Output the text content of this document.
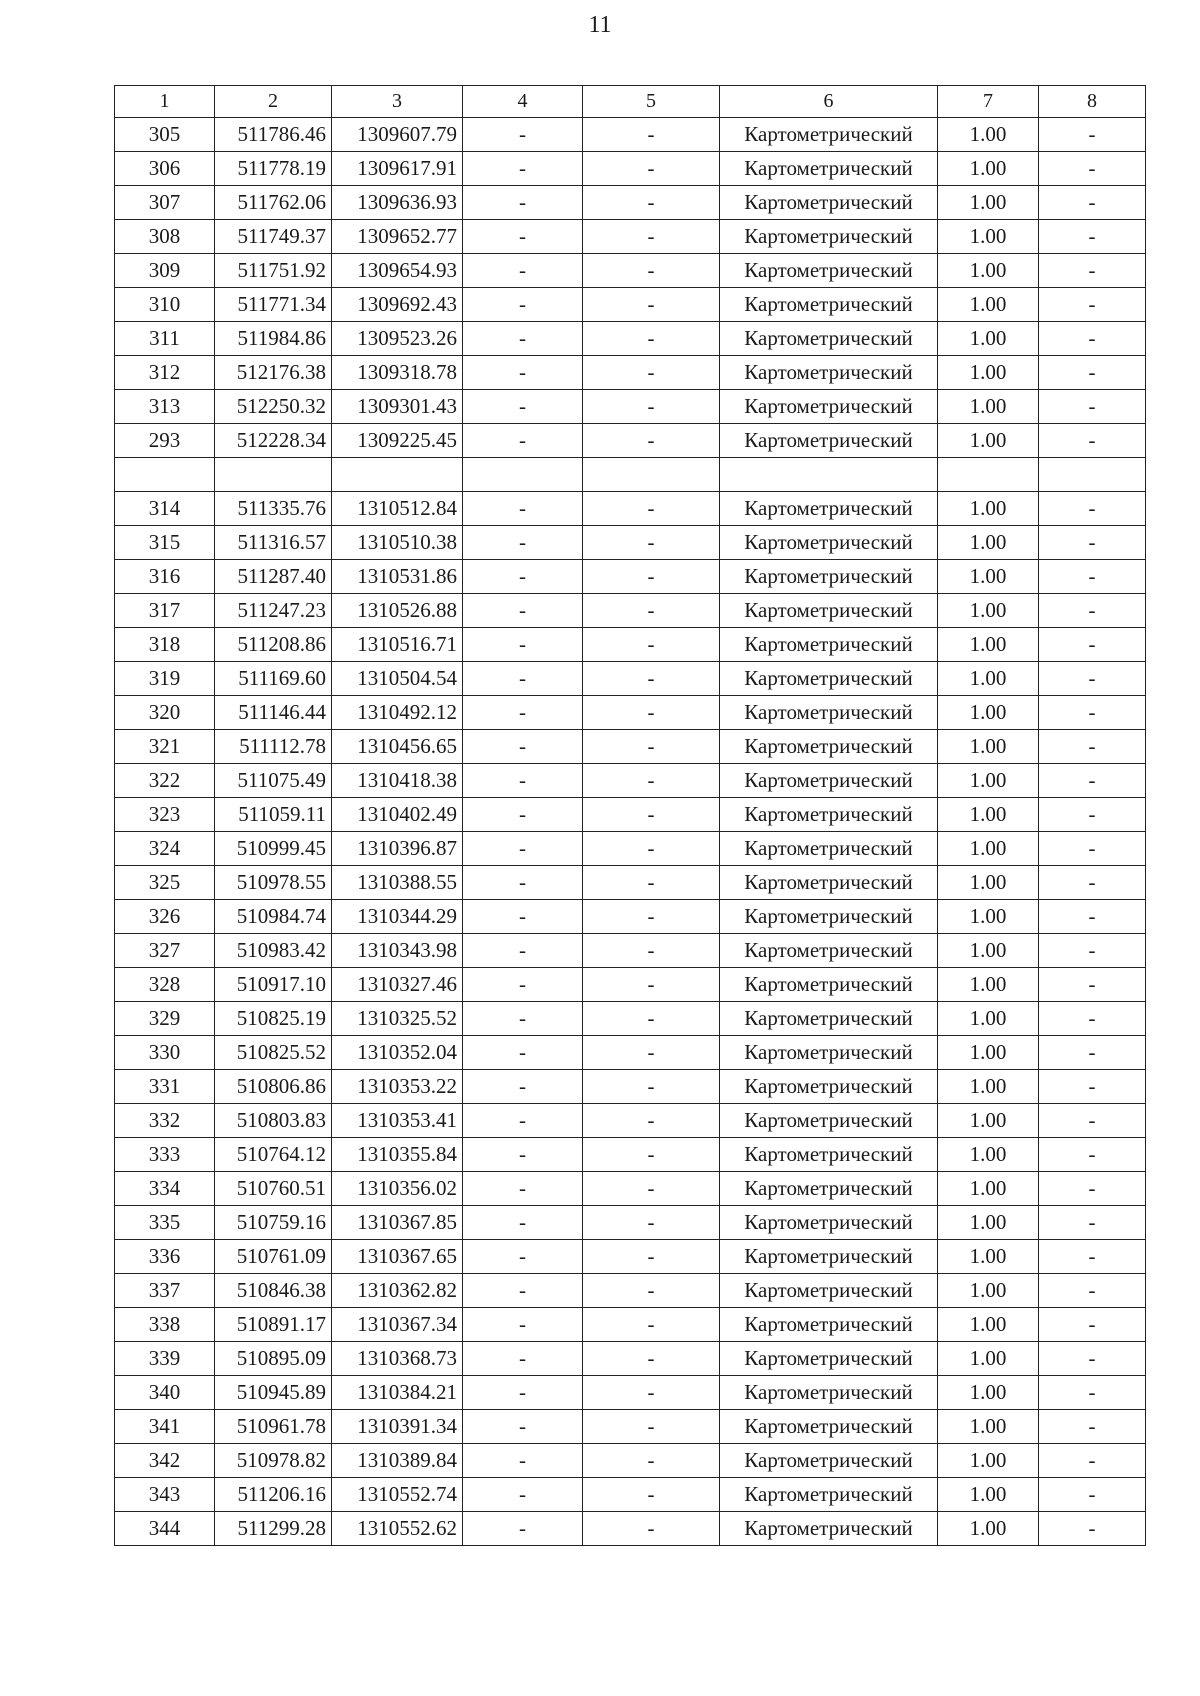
11
1	2	3	4	5	6	7	8
305	511786.46	1309607.79	-	-	Картометрический	1.00	-
306	511778.19	1309617.91	-	-	Картометрический	1.00	-
307	511762.06	1309636.93	-	-	Картометрический	1.00	-
308	511749.37	1309652.77	-	-	Картометрический	1.00	-
309	511751.92	1309654.93	-	-	Картометрический	1.00	-
310	511771.34	1309692.43	-	-	Картометрический	1.00	-
311	511984.86	1309523.26	-	-	Картометрический	1.00	-
312	512176.38	1309318.78	-	-	Картометрический	1.00	-
313	512250.32	1309301.43	-	-	Картометрический	1.00	-
293	512228.34	1309225.45	-	-	Картометрический	1.00	-

314	511335.76	1310512.84	-	-	Картометрический	1.00	-
315	511316.57	1310510.38	-	-	Картометрический	1.00	-
316	511287.40	1310531.86	-	-	Картометрический	1.00	-
317	511247.23	1310526.88	-	-	Картометрический	1.00	-
318	511208.86	1310516.71	-	-	Картометрический	1.00	-
319	511169.60	1310504.54	-	-	Картометрический	1.00	-
320	511146.44	1310492.12	-	-	Картометрический	1.00	-
321	511112.78	1310456.65	-	-	Картометрический	1.00	-
322	511075.49	1310418.38	-	-	Картометрический	1.00	-
323	511059.11	1310402.49	-	-	Картометрический	1.00	-
324	510999.45	1310396.87	-	-	Картометрический	1.00	-
325	510978.55	1310388.55	-	-	Картометрический	1.00	-
326	510984.74	1310344.29	-	-	Картометрический	1.00	-
327	510983.42	1310343.98	-	-	Картометрический	1.00	-
328	510917.10	1310327.46	-	-	Картометрический	1.00	-
329	510825.19	1310325.52	-	-	Картометрический	1.00	-
330	510825.52	1310352.04	-	-	Картометрический	1.00	-
331	510806.86	1310353.22	-	-	Картометрический	1.00	-
332	510803.83	1310353.41	-	-	Картометрический	1.00	-
333	510764.12	1310355.84	-	-	Картометрический	1.00	-
334	510760.51	1310356.02	-	-	Картометрический	1.00	-
335	510759.16	1310367.85	-	-	Картометрический	1.00	-
336	510761.09	1310367.65	-	-	Картометрический	1.00	-
337	510846.38	1310362.82	-	-	Картометрический	1.00	-
338	510891.17	1310367.34	-	-	Картометрический	1.00	-
339	510895.09	1310368.73	-	-	Картометрический	1.00	-
340	510945.89	1310384.21	-	-	Картометрический	1.00	-
341	510961.78	1310391.34	-	-	Картометрический	1.00	-
342	510978.82	1310389.84	-	-	Картометрический	1.00	-
343	511206.16	1310552.74	-	-	Картометрический	1.00	-
344	511299.28	1310552.62	-	-	Картометрический	1.00	-
